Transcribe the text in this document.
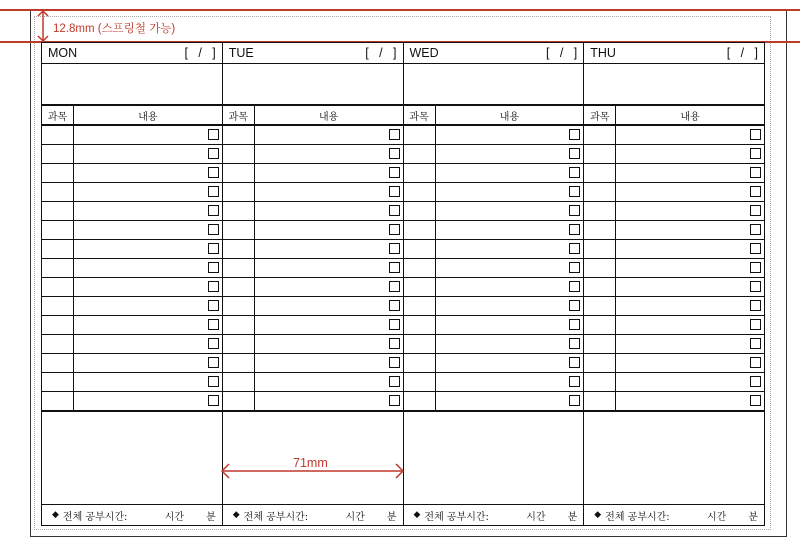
12.8mm (스프링철 가능)
MON	[   /   ]
과목	내용
◆ 전체 공부시간:	시간 분
TUE	[   /   ]
과목	내용
◆ 전체 공부시간:	시간 분
WED	[   /   ]
과목	내용
◆ 전체 공부시간:	시간 분
THU	[   /   ]
과목	내용
◆ 전체 공부시간:	시간 분
71mm
